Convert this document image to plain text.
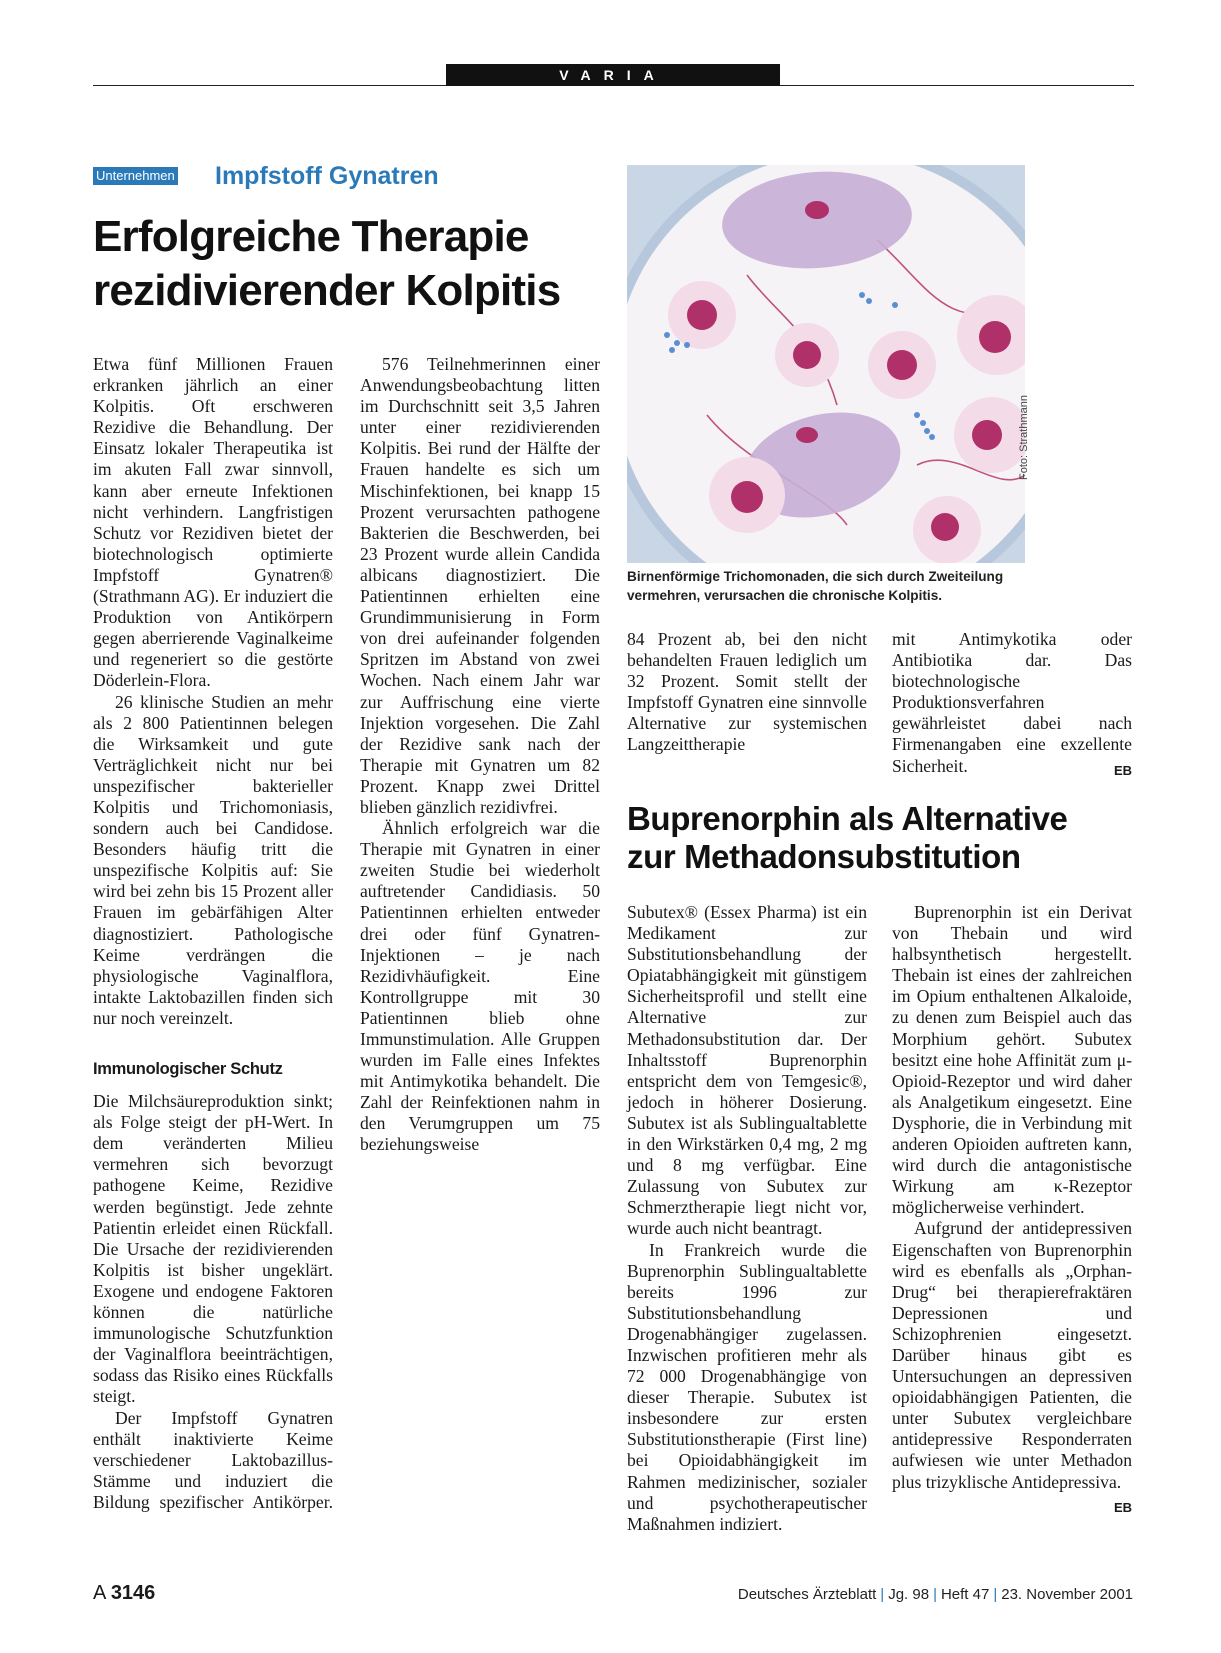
VARIA
Unternehmen Impfstoff Gynatren
Erfolgreiche Therapie
rezidivierender Kolpitis

Etwa fünf Millionen Frauen erkranken jährlich an einer Kolpitis. Oft erschweren Rezidive die Behandlung. Der Einsatz lokaler Therapeutika ist im akuten Fall zwar sinnvoll, kann aber erneute Infektionen nicht verhindern. Langfristigen Schutz vor Rezidiven bietet der biotechnologisch optimierte Impfstoff Gynatren® (Strathmann AG). Er induziert die Produktion von Antikörpern gegen aberrierende Vaginalkeime und regeneriert so die gestörte Döderlein-Flora.

26 klinische Studien an mehr als 2 800 Patientinnen belegen die Wirksamkeit und gute Verträglichkeit nicht nur bei unspezifischer bakterieller Kolpitis und Trichomoniasis, sondern auch bei Candidose. Besonders häufig tritt die unspezifische Kolpitis auf: Sie wird bei zehn bis 15 Prozent aller Frauen im gebärfähigen Alter diagnostiziert. Pathologische Keime verdrängen die physiologische Vaginalflora, intakte Laktobazillen finden sich nur noch vereinzelt.

Immunologischer Schutz

Die Milchsäureproduktion sinkt; als Folge steigt der pH-Wert. In dem veränderten Milieu vermehren sich bevorzugt pathogene Keime, Rezidive werden begünstigt. Jede zehnte Patientin erleidet einen Rückfall. Die Ursache der rezidivierenden Kolpitis ist bisher ungeklärt. Exogene und endogene Faktoren können die natürliche immunologische Schutzfunktion der Vaginalflora beeinträchtigen, sodass das Risiko eines Rückfalls steigt.

Der Impfstoff Gynatren enthält inaktivierte Keime verschiedener Laktobazillus-Stämme und induziert die Bildung spezifischer Antikörper.

576 Teilnehmerinnen einer Anwendungsbeobachtung litten im Durchschnitt seit 3,5 Jahren unter einer rezidivierenden Kolpitis. Bei rund der Hälfte der Frauen handelte es sich um Mischinfektionen, bei knapp 15 Prozent verursachten pathogene Bakterien die Beschwerden, bei 23 Prozent wurde allein Candida albicans diagnostiziert. Die Patientinnen erhielten eine Grundimmunisierung in Form von drei aufeinander folgenden Spritzen im Abstand von zwei Wochen. Nach einem Jahr war zur Auffrischung eine vierte Injektion vorgesehen. Die Zahl der Rezidive sank nach der Therapie mit Gynatren um 82 Prozent. Knapp zwei Drittel blieben gänzlich rezidivfrei.

Ähnlich erfolgreich war die Therapie mit Gynatren in einer zweiten Studie bei wiederholt auftretender Candidiasis. 50 Patientinnen erhielten entweder drei oder fünf Gynatren-Injektionen – je nach Rezidivhäufigkeit. Eine Kontrollgruppe mit 30 Patientinnen blieb ohne Immunstimulation. Alle Gruppen wurden im Falle eines Infektes mit Antimykotika behandelt. Die Zahl der Reinfektionen nahm in den Verumgruppen um 75 beziehungsweise

Foto: Strathmann
Birnenförmige Trichomonaden, die sich durch Zweiteilung vermehren, verursachen die chronische Kolpitis.

84 Prozent ab, bei den nicht behandelten Frauen lediglich um 32 Prozent. Somit stellt der Impfstoff Gynatren eine sinnvolle Alternative zur systemischen Langzeittherapie

mit Antimykotika oder Antibiotika dar. Das biotechnologische Produktionsverfahren gewährleistet dabei nach Firmenangaben eine exzellente Sicherheit.	EB

Buprenorphin als Alternative
zur Methadonsubstitution

Subutex® (Essex Pharma) ist ein Medikament zur Substitutionsbehandlung der Opiatabhängigkeit mit günstigem Sicherheitsprofil und stellt eine Alternative zur Methadonsubstitution dar. Der Inhaltsstoff Buprenorphin entspricht dem von Temgesic®, jedoch in höherer Dosierung. Subutex ist als Sublingualtablette in den Wirkstärken 0,4 mg, 2 mg und 8 mg verfügbar. Eine Zulassung von Subutex zur Schmerztherapie liegt nicht vor, wurde auch nicht beantragt.

In Frankreich wurde die Buprenorphin Sublingualtablette bereits 1996 zur Substitutionsbehandlung Drogenabhängiger zugelassen. Inzwischen profitieren mehr als 72 000 Drogenabhängige von dieser Therapie. Subutex ist insbesondere zur ersten Substitutionstherapie (First line) bei Opioidabhängigkeit im Rahmen medizinischer, sozialer und psychotherapeutischer Maßnahmen indiziert.

Buprenorphin ist ein Derivat von Thebain und wird halbsynthetisch hergestellt. Thebain ist eines der zahlreichen im Opium enthaltenen Alkaloide, zu denen zum Beispiel auch das Morphium gehört. Subutex besitzt eine hohe Affinität zum μ-Opioid-Rezeptor und wird daher als Analgetikum eingesetzt. Eine Dysphorie, die in Verbindung mit anderen Opioiden auftreten kann, wird durch die antagonistische Wirkung am κ-Rezeptor möglicherweise verhindert.

Aufgrund der antidepressiven Eigenschaften von Buprenorphin wird es ebenfalls als „Orphan-Drug“ bei therapierefraktären Depressionen und Schizophrenien eingesetzt. Darüber hinaus gibt es Untersuchungen an depressiven opioidabhängigen Patienten, die unter Subutex vergleichbare antidepressive Responderraten aufwiesen wie unter Methadon plus trizyklische Antidepressiva.
EB

A 3146	Deutsches Ärzteblatt | Jg. 98 | Heft 47 | 23. November 2001
